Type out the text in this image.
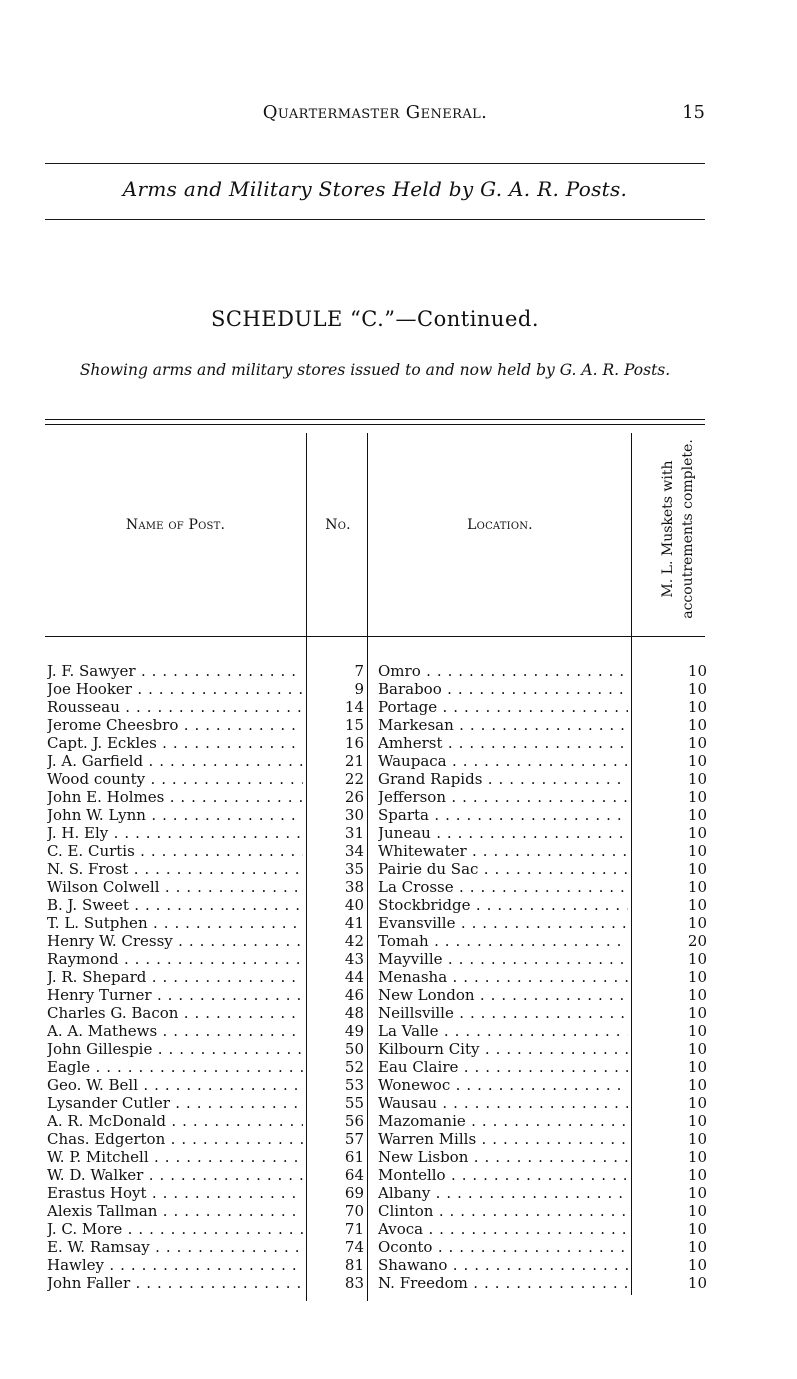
Quartermaster General.	15
Arms and Military Stores Held by G. A. R. Posts.
SCHEDULE “C.”—Continued.
Showing arms and military stores issued to and now held by G. A. R. Posts.
Name of Post.	No.	Location.	M. L. Muskets with accoutrements complete.
J. F. Sawyer . . .	7 Omro . . .	10
Joe Hooker . . .	9 Baraboo . . .	10
Rousseau . . .	14 Portage . . .	10
Jerome Cheesbro . . .	15 Markesan . . .	10
Capt. J. Eckles . . .	16 Amherst . . .	10
J. A. Garfield . . .	21 Waupaca . . .	10
Wood county . . .	22 Grand Rapids . . .	10
John E. Holmes . . .	26 Jefferson . . .	10
John W. Lynn . . .	30 Sparta . . .	10
J. H. Ely . . .	31 Juneau . . .	10
C. E. Curtis . . .	34 Whitewater . . .	10
N. S. Frost . . .	35 Pairie du Sac . . .	10
Wilson Colwell . . .	38 La Crosse . . .	10
B. J. Sweet . . .	40 Stockbridge . . .	10
T. L. Sutphen . . .	41 Evansville . . .	10
Henry W. Cressy . . .	42 Tomah . . .	20
Raymond . . .	43 Mayville . . .	10
J. R. Shepard . . .	44 Menasha . . .	10
Henry Turner . . .	46 New London . . .	10
Charles G. Bacon . . .	48 Neillsville . . .	10
A. A. Mathews . . .	49 La Valle . . .	10
John Gillespie . . .	50 Kilbourn City . . .	10
Eagle . . .	52 Eau Claire . . .	10
Geo. W. Bell . . .	53 Wonewoc . . .	10
Lysander Cutler . . .	55 Wausau . . .	10
A. R. McDonald . . .	56 Mazomanie . . .	10
Chas. Edgerton . . .	57 Warren Mills . . .	10
W. P. Mitchell . . .	61 New Lisbon . . .	10
W. D. Walker . . .	64 Montello . . .	10
Erastus Hoyt . . .	69 Albany . . .	10
Alexis Tallman . . .	70 Clinton . . .	10
J. C. More . . .	71 Avoca . . .	10
E. W. Ramsay . . .	74 Oconto . . .	10
Hawley . . .	81 Shawano . . .	10
John Faller . . .	83 N. Freedom . . .	10
